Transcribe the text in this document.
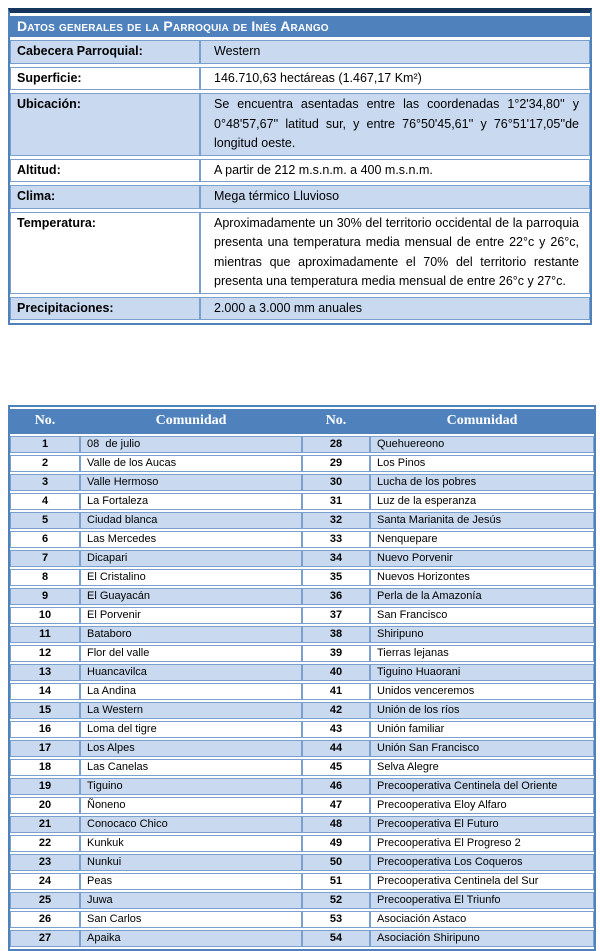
Datos generales de la Parroquia de Inés Arango	
Cabecera Parroquial:	Western
Superficie:	146.710,63 hectáreas (1.467,17 Km²)
Ubicación:	Se encuentra asentadas entre las coordenadas 1°2'34,80'' y 0°48'57,67'' latitud sur, y entre 76°50'45,61'' y 76°51'17,05''de longitud oeste.
Altitud:	A partir de 212 m.s.n.m. a 400 m.s.n.m.
Clima:	Mega térmico Lluvioso
Temperatura:	Aproximadamente un 30% del territorio occidental de la parroquia presenta una temperatura media mensual de entre 22°c y 26°c, mientras que aproximadamente el 70% del territorio restante presenta una temperatura media mensual de entre 26°c y 27°c.
Precipitaciones:	2.000 a 3.000 mm anuales
No.	Comunidad	No.	Comunidad
1	08  de julio	28	Quehuereono
2	Valle de los Aucas	29	Los Pinos
3	Valle Hermoso	30	Lucha de los pobres
4	La Fortaleza	31	Luz de la esperanza
5	Ciudad blanca	32	Santa Marianita de Jesús
6	Las Mercedes	33	Nenquepare
7	Dicapari	34	Nuevo Porvenir
8	El Cristalino	35	Nuevos Horizontes
9	El Guayacán	36	Perla de la Amazonía
10	El Porvenir	37	San Francisco
11	Bataboro	38	Shiripuno
12	Flor del valle	39	Tierras lejanas
13	Huancavilca	40	Tiguino Huaorani
14	La Andina	41	Unidos venceremos
15	La Western	42	Unión de los ríos
16	Loma del tigre	43	Unión familiar
17	Los Alpes	44	Unión San Francisco
18	Las Canelas	45	Selva Alegre
19	Tiguino	46	Precooperativa Centinela del Oriente
20	Ñoneno	47	Precooperativa Eloy Alfaro
21	Conocaco Chico	48	Precooperativa El Futuro
22	Kunkuk	49	Precooperativa El Progreso 2
23	Nunkui	50	Precooperativa Los Coqueros
24	Peas	51	Precooperativa Centinela del Sur
25	Juwa	52	Precooperativa El Triunfo
26	San Carlos	53	Asociación Astaco
27	Apaika	54	Asociación Shiripuno
